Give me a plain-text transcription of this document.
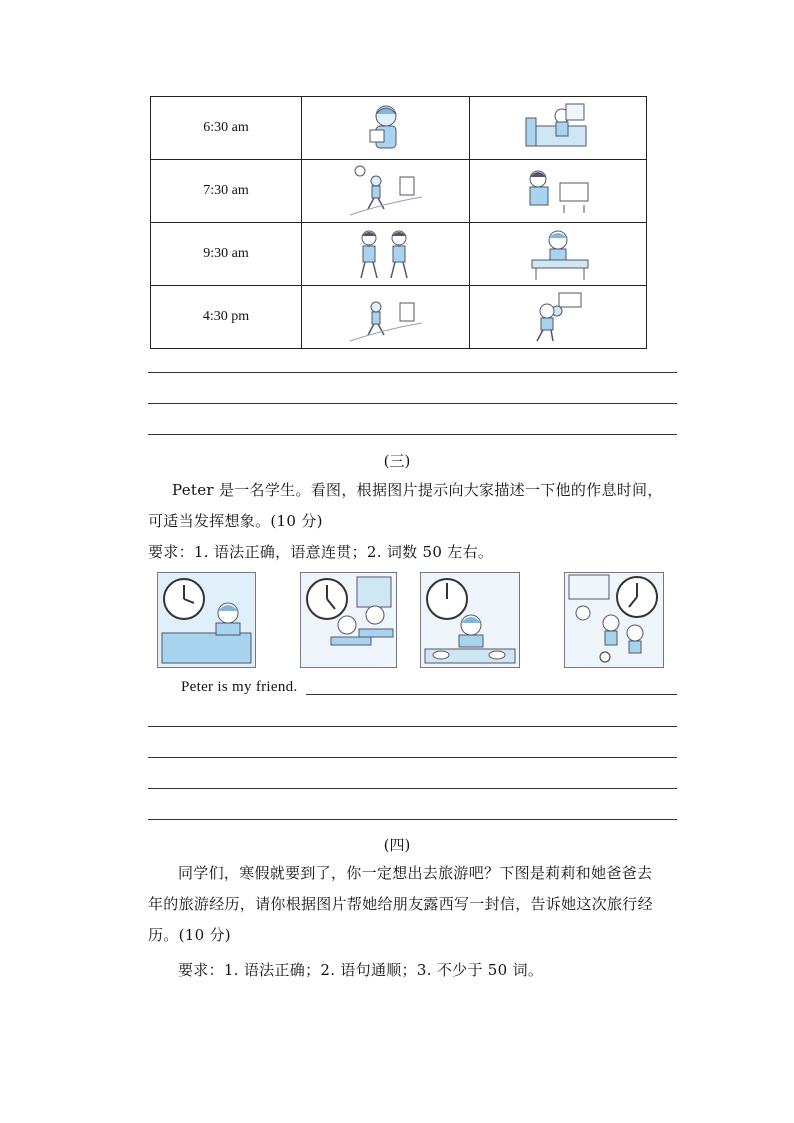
6:30 am	

7:30 am	

9:30 am	

4:30 pm	

(三)
Peter 是一名学生。看图，根据图片提示向大家描述一下他的作息时间，
可适当发挥想象。(10 分)
要求：1. 语法正确，语意连贯；2. 词数 50 左右。
Peter is my friend.
(四)
同学们，寒假就要到了，你一定想出去旅游吧？下图是莉莉和她爸爸去
年的旅游经历，请你根据图片帮她给朋友露西写一封信，告诉她这次旅行经
历。(10 分)
要求：1. 语法正确；2. 语句通顺；3. 不少于 50 词。
